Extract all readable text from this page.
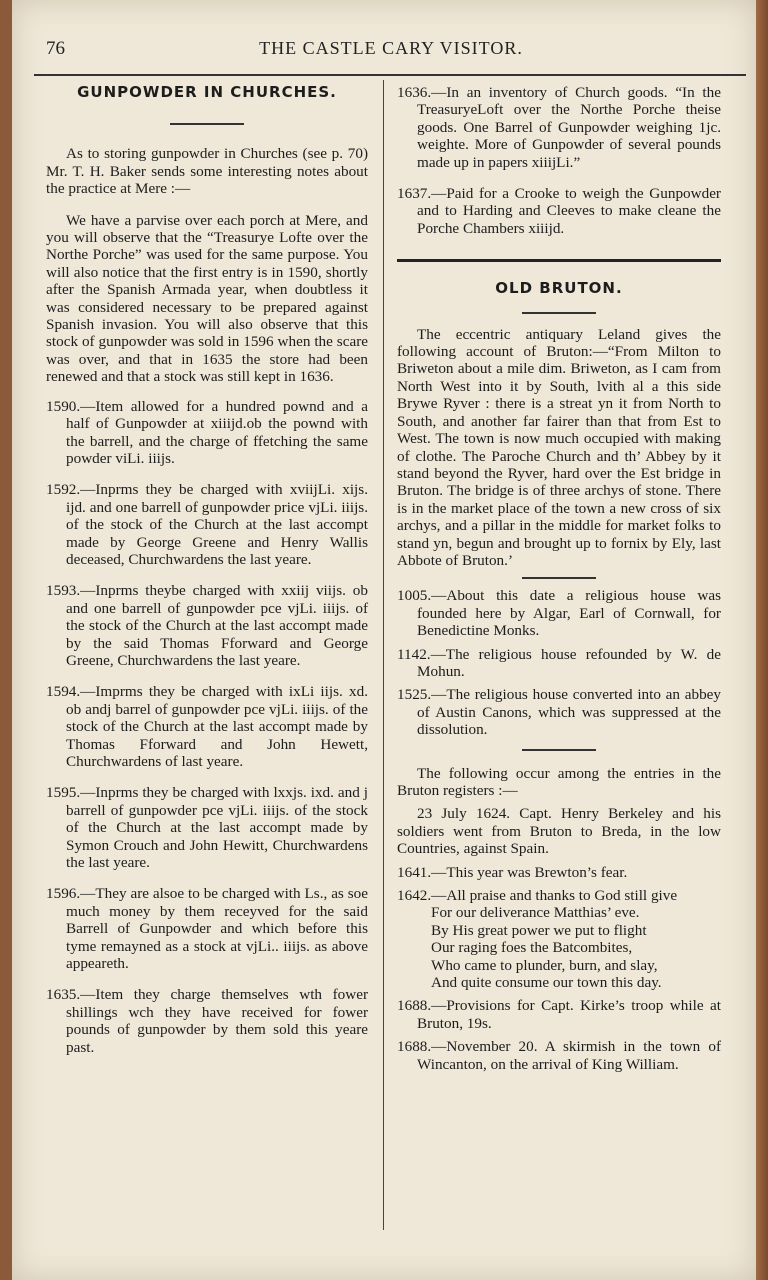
76	THE CASTLE CARY VISITOR.
GUNPOWDER IN CHURCHES.

As to storing gunpowder in Churches (see p. 70) Mr. T. H. Baker sends some interesting notes about the practice at Mere :—

We have a parvise over each porch at Mere, and you will observe that the “Treasurye Lofte over the Northe Porche” was used for the same purpose. You will also notice that the first entry is in 1590, shortly after the Spanish Armada year, when doubtless it was considered necessary to be prepared against Spanish invasion. You will also observe that this stock of gunpowder was sold in 1596 when the scare was over, and that in 1635 the store had been renewed and that a stock was still kept in 1636.

1590.—Item allowed for a hundred pownd and a half of Gunpowder at xiiijd.ob the pownd with the barrell, and the charge of ffetching the same powder viLi. iiijs.

1592.—Inprms they be charged with xviijLi. xijs. ijd. and one barrell of gunpowder price vjLi. iiijs. of the stock of the Church at the last accompt made by George Greene and Henry Wallis deceased, Churchwardens the last yeare.

1593.—Inprms theybe charged with xxiij viijs. ob and one barrell of gunpowder pce vjLi. iiijs. of the stock of the Church at the last accompt made by the said Thomas Fforward and George Greene, Churchwardens the last yeare.

1594.—Imprms they be charged with ixLi iijs. xd. ob andj barrel of gunpowder pce vjLi. iiijs. of the stock of the Church at the last accompt made by Thomas Fforward and John Hewett, Churchwardens of last yeare.

1595.—Inprms they be charged with lxxjs. ixd. and j barrell of gunpowder pce vjLi. iiijs. of the stock of the Church at the last accompt made by Symon Crouch and John Hewitt, Churchwardens the last yeare.

1596.—They are alsoe to be charged with Ls., as soe much money by them receyved for the said Barrell of Gunpowder and which before this tyme remayned as a stock at vjLi.. iiijs. as above appeareth.

1635.—Item they charge themselves wth fower shillings wch they have received for fower pounds of gunpowder by them sold this yeare past.

1636.—In an inventory of Church goods. “In the TreasuryeLoft over the Northe Porche theise goods. One Barrel of Gunpowder weighing 1jc. weighte. More of Gunpowder of several pounds made up in papers xiiijLi.”

1637.—Paid for a Crooke to weigh the Gunpowder and to Harding and Cleeves to make cleane the Porche Chambers xiiijd.

OLD BRUTON.

The eccentric antiquary Leland gives the following account of Bruton:—“From Milton to Briweton about a mile dim. Briweton, as I cam from North West into it by South, lvith al a this side Brywe Ryver : there is a streat yn it from North to South, and another far fairer than that from Est to West. The town is now much occupied with making of clothe. The Paroche Church and th’ Abbey by it stand beyond the Ryver, hard over the Est bridge in Bruton. The bridge is of three archys of stone. There is in the market place of the town a new cross of six archys, and a pillar in the middle for market folks to stand yn, begun and brought up to fornix by Ely, last Abbote of Bruton.’

1005.—About this date a religious house was founded here by Algar, Earl of Cornwall, for Benedictine Monks.

1142.—The religious house refounded by W. de Mohun.

1525.—The religious house converted into an abbey of Austin Canons, which was suppressed at the dissolution.

The following occur among the entries in the Bruton registers :—

23 July 1624. Capt. Henry Berkeley and his soldiers went from Bruton to Breda, in the low Countries, against Spain.

1641.—This year was Brewton’s fear.

1642.—All praise and thanks to God still give

For our deliverance Matthias’ eve.

By His great power we put to flight

Our raging foes the Batcombites,

Who came to plunder, burn, and slay,

And quite consume our town this day.

1688.—Provisions for Capt. Kirke’s troop while at Bruton, 19s.

1688.—November 20. A skirmish in the town of Wincanton, on the arrival of King William.
